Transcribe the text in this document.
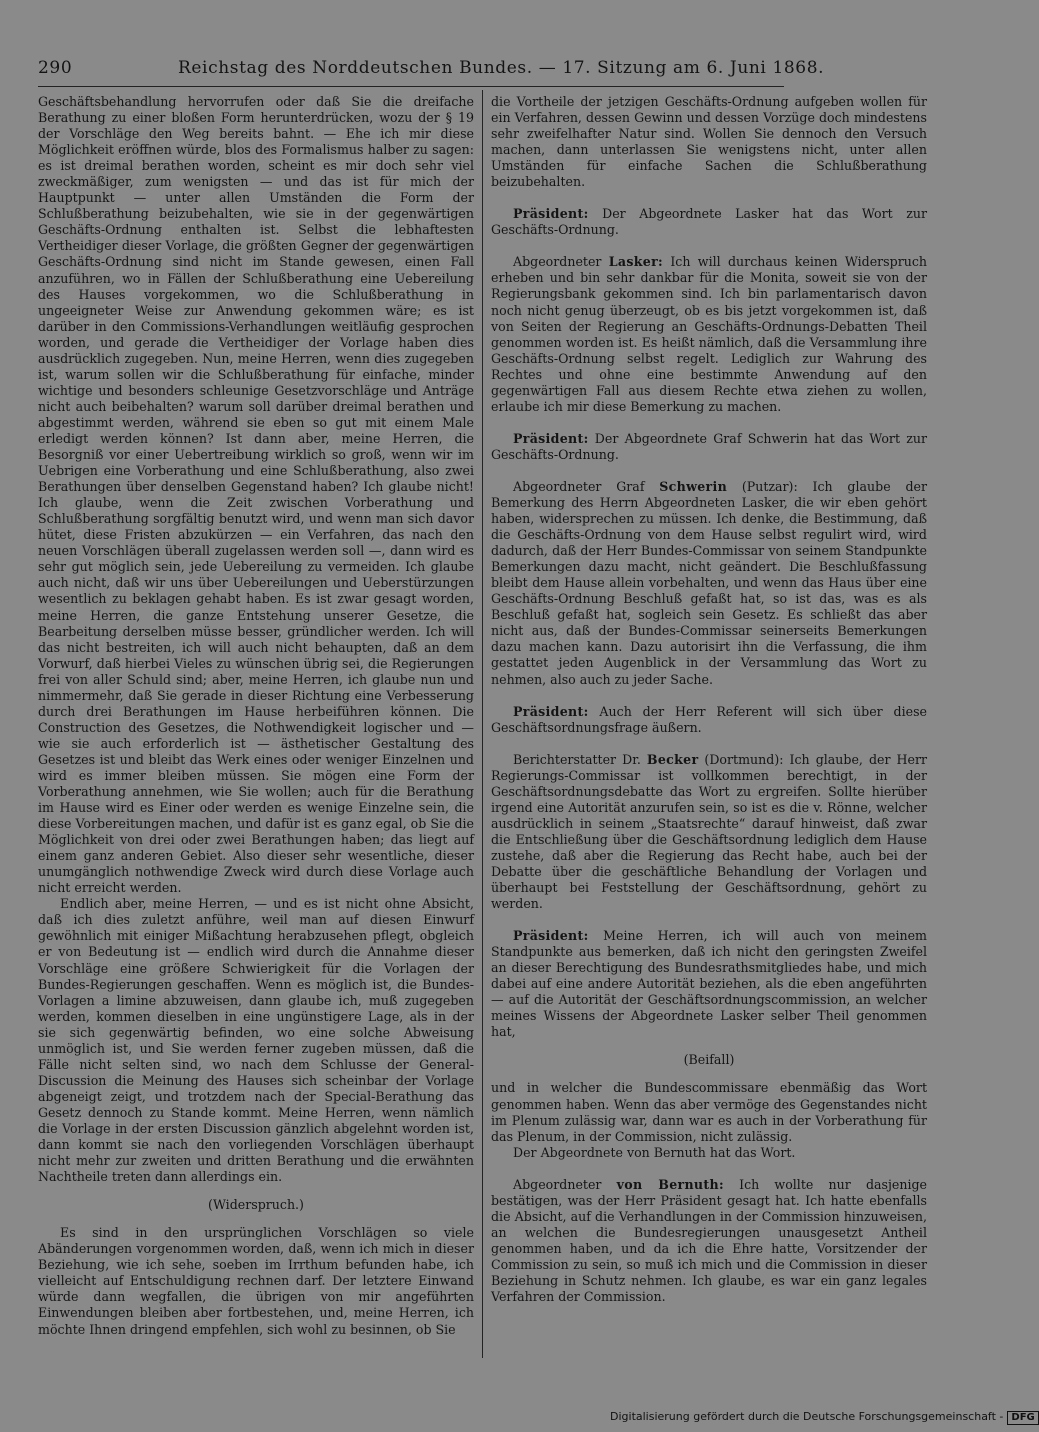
290	Reichstag des Norddeutschen Bundes. — 17. Sitzung am 6. Juni 1868.

Geschäftsbehandlung hervorrufen oder daß Sie die dreifache Berathung zu einer bloßen Form herunterdrücken, wozu der § 19 der Vorschläge den Weg bereits bahnt. — Ehe ich mir diese Möglichkeit eröffnen würde, blos des Formalismus halber zu sagen: es ist dreimal berathen worden, scheint es mir doch sehr viel zweckmäßiger, zum wenigsten — und das ist für mich der Hauptpunkt — unter allen Umständen die Form der Schlußberathung beizubehalten, wie sie in der gegenwärtigen Geschäfts-Ordnung enthalten ist. Selbst die lebhaftesten Vertheidiger dieser Vorlage, die größten Gegner der gegenwärtigen Geschäfts-Ordnung sind nicht im Stande gewesen, einen Fall anzuführen, wo in Fällen der Schlußberathung eine Uebereilung des Hauses vorgekommen, wo die Schlußberathung in ungeeigneter Weise zur Anwendung gekommen wäre; es ist darüber in den Commissions-Verhandlungen weitläufig gesprochen worden, und gerade die Vertheidiger der Vorlage haben dies ausdrücklich zugegeben. Nun, meine Herren, wenn dies zugegeben ist, warum sollen wir die Schlußberathung für einfache, minder wichtige und besonders schleunige Gesetzvorschläge und Anträge nicht auch beibehalten? warum soll darüber dreimal berathen und abgestimmt werden, während sie eben so gut mit einem Male erledigt werden können? Ist dann aber, meine Herren, die Besorgniß vor einer Uebertreibung wirklich so groß, wenn wir im Uebrigen eine Vorberathung und eine Schlußberathung, also zwei Berathungen über denselben Gegenstand haben? Ich glaube nicht! Ich glaube, wenn die Zeit zwischen Vorberathung und Schlußberathung sorgfältig benutzt wird, und wenn man sich davor hütet, diese Fristen abzukürzen — ein Verfahren, das nach den neuen Vorschlägen überall zugelassen werden soll —, dann wird es sehr gut möglich sein, jede Uebereilung zu vermeiden. Ich glaube auch nicht, daß wir uns über Uebereilungen und Ueberstürzungen wesentlich zu beklagen gehabt haben. Es ist zwar gesagt worden, meine Herren, die ganze Entstehung unserer Gesetze, die Bearbeitung derselben müsse besser, gründlicher werden. Ich will das nicht bestreiten, ich will auch nicht behaupten, daß an dem Vorwurf, daß hierbei Vieles zu wünschen übrig sei, die Regierungen frei von aller Schuld sind; aber, meine Herren, ich glaube nun und nimmermehr, daß Sie gerade in dieser Richtung eine Verbesserung durch drei Berathungen im Hause herbeiführen können. Die Construction des Gesetzes, die Nothwendigkeit logischer und — wie sie auch erforderlich ist — ästhetischer Gestaltung des Gesetzes ist und bleibt das Werk eines oder weniger Einzelnen und wird es immer bleiben müssen. Sie mögen eine Form der Vorberathung annehmen, wie Sie wollen; auch für die Berathung im Hause wird es Einer oder werden es wenige Einzelne sein, die diese Vorbereitungen machen, und dafür ist es ganz egal, ob Sie die Möglichkeit von drei oder zwei Berathungen haben; das liegt auf einem ganz anderen Gebiet. Also dieser sehr wesentliche, dieser unumgänglich nothwendige Zweck wird durch diese Vorlage auch nicht erreicht werden.

Endlich aber, meine Herren, — und es ist nicht ohne Absicht, daß ich dies zuletzt anführe, weil man auf diesen Einwurf gewöhnlich mit einiger Mißachtung herabzusehen pflegt, obgleich er von Bedeutung ist — endlich wird durch die Annahme dieser Vorschläge eine größere Schwierigkeit für die Vorlagen der Bundes-Regierungen geschaffen. Wenn es möglich ist, die Bundes-Vorlagen a limine abzuweisen, dann glaube ich, muß zugegeben werden, kommen dieselben in eine ungünstigere Lage, als in der sie sich gegenwärtig befinden, wo eine solche Abweisung unmöglich ist, und Sie werden ferner zugeben müssen, daß die Fälle nicht selten sind, wo nach dem Schlusse der General-Discussion die Meinung des Hauses sich scheinbar der Vorlage abgeneigt zeigt, und trotzdem nach der Special-Berathung das Gesetz dennoch zu Stande kommt. Meine Herren, wenn nämlich die Vorlage in der ersten Discussion gänzlich abgelehnt worden ist, dann kommt sie nach den vorliegenden Vorschlägen überhaupt nicht mehr zur zweiten und dritten Berathung und die erwähnten Nachtheile treten dann allerdings ein.

(Widerspruch.)

Es sind in den ursprünglichen Vorschlägen so viele Abänderungen vorgenommen worden, daß, wenn ich mich in dieser Beziehung, wie ich sehe, soeben im Irrthum befunden habe, ich vielleicht auf Entschuldigung rechnen darf. Der letztere Einwand würde dann wegfallen, die übrigen von mir angeführten Einwendungen bleiben aber fortbestehen, und, meine Herren, ich möchte Ihnen dringend empfehlen, sich wohl zu besinnen, ob Sie

die Vortheile der jetzigen Geschäfts-Ordnung aufgeben wollen für ein Verfahren, dessen Gewinn und dessen Vorzüge doch mindestens sehr zweifelhafter Natur sind. Wollen Sie dennoch den Versuch machen, dann unterlassen Sie wenigstens nicht, unter allen Umständen für einfache Sachen die Schlußberathung beizubehalten.

Präsident: Der Abgeordnete Lasker hat das Wort zur Geschäfts-Ordnung.

Abgeordneter Lasker: Ich will durchaus keinen Widerspruch erheben und bin sehr dankbar für die Monita, soweit sie von der Regierungsbank gekommen sind. Ich bin parlamentarisch davon noch nicht genug überzeugt, ob es bis jetzt vorgekommen ist, daß von Seiten der Regierung an Geschäfts-Ordnungs-Debatten Theil genommen worden ist. Es heißt nämlich, daß die Versammlung ihre Geschäfts-Ordnung selbst regelt. Lediglich zur Wahrung des Rechtes und ohne eine bestimmte Anwendung auf den gegenwärtigen Fall aus diesem Rechte etwa ziehen zu wollen, erlaube ich mir diese Bemerkung zu machen.

Präsident: Der Abgeordnete Graf Schwerin hat das Wort zur Geschäfts-Ordnung.

Abgeordneter Graf Schwerin (Putzar): Ich glaube der Bemerkung des Herrn Abgeordneten Lasker, die wir eben gehört haben, widersprechen zu müssen. Ich denke, die Bestimmung, daß die Geschäfts-Ordnung von dem Hause selbst regulirt wird, wird dadurch, daß der Herr Bundes-Commissar von seinem Standpunkte Bemerkungen dazu macht, nicht geändert. Die Beschlußfassung bleibt dem Hause allein vorbehalten, und wenn das Haus über eine Geschäfts-Ordnung Beschluß gefaßt hat, so ist das, was es als Beschluß gefaßt hat, sogleich sein Gesetz. Es schließt das aber nicht aus, daß der Bundes-Commissar seinerseits Bemerkungen dazu machen kann. Dazu autorisirt ihn die Verfassung, die ihm gestattet jeden Augenblick in der Versammlung das Wort zu nehmen, also auch zu jeder Sache.

Präsident: Auch der Herr Referent will sich über diese Geschäftsordnungsfrage äußern.

Berichterstatter Dr. Becker (Dortmund): Ich glaube, der Herr Regierungs-Commissar ist vollkommen berechtigt, in der Geschäftsordnungsdebatte das Wort zu ergreifen. Sollte hierüber irgend eine Autorität anzurufen sein, so ist es die v. Rönne, welcher ausdrücklich in seinem „Staatsrechte“ darauf hinweist, daß zwar die Entschließung über die Geschäftsordnung lediglich dem Hause zustehe, daß aber die Regierung das Recht habe, auch bei der Debatte über die geschäftliche Behandlung der Vorlagen und überhaupt bei Feststellung der Geschäftsordnung, gehört zu werden.

Präsident: Meine Herren, ich will auch von meinem Standpunkte aus bemerken, daß ich nicht den geringsten Zweifel an dieser Berechtigung des Bundesrathsmitgliedes habe, und mich dabei auf eine andere Autorität beziehen, als die eben angeführten — auf die Autorität der Geschäftsordnungscommission, an welcher meines Wissens der Abgeordnete Lasker selber Theil genommen hat,

(Beifall)

und in welcher die Bundescommissare ebenmäßig das Wort genommen haben. Wenn das aber vermöge des Gegenstandes nicht im Plenum zulässig war, dann war es auch in der Vorberathung für das Plenum, in der Commission, nicht zulässig.

Der Abgeordnete von Bernuth hat das Wort.

Abgeordneter von Bernuth: Ich wollte nur dasjenige bestätigen, was der Herr Präsident gesagt hat. Ich hatte ebenfalls die Absicht, auf die Verhandlungen in der Commission hinzuweisen, an welchen die Bundesregierungen unausgesetzt Antheil genommen haben, und da ich die Ehre hatte, Vorsitzender der Commission zu sein, so muß ich mich und die Commission in dieser Beziehung in Schutz nehmen. Ich glaube, es war ein ganz legales Verfahren der Commission.

Digitalisierung gefördert durch die Deutsche Forschungsgemeinschaft - DFG
